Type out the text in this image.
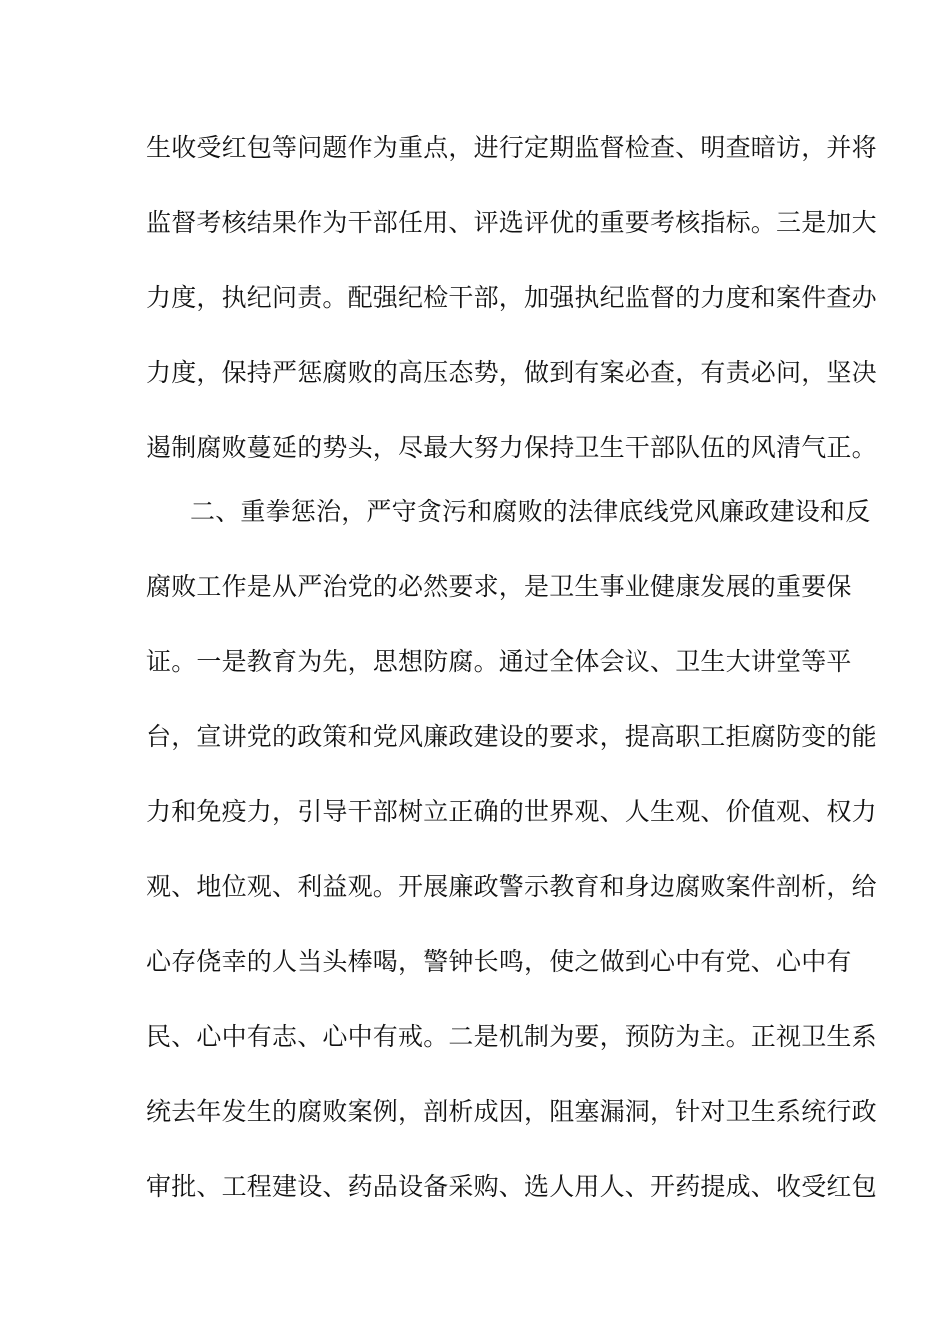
生收受红包等问题作为重点，进行定期监督检查、明查暗访，并将
监督考核结果作为干部任用、评选评优的重要考核指标。三是加大
力度，执纪问责。配强纪检干部，加强执纪监督的力度和案件查办
力度，保持严惩腐败的高压态势，做到有案必查，有责必问，坚决
遏制腐败蔓延的势头，尽最大努力保持卫生干部队伍的风清气正。
二、重拳惩治，严守贪污和腐败的法律底线党风廉政建设和反
腐败工作是从严治党的必然要求，是卫生事业健康发展的重要保
证。一是教育为先，思想防腐。通过全体会议、卫生大讲堂等平
台，宣讲党的政策和党风廉政建设的要求，提高职工拒腐防变的能
力和免疫力，引导干部树立正确的世界观、人生观、价值观、权力
观、地位观、利益观。开展廉政警示教育和身边腐败案件剖析，给
心存侥幸的人当头棒喝，警钟长鸣，使之做到心中有党、心中有
民、心中有志、心中有戒。二是机制为要，预防为主。正视卫生系
统去年发生的腐败案例，剖析成因，阻塞漏洞，针对卫生系统行政
审批、工程建设、药品设备采购、选人用人、开药提成、收受红包
